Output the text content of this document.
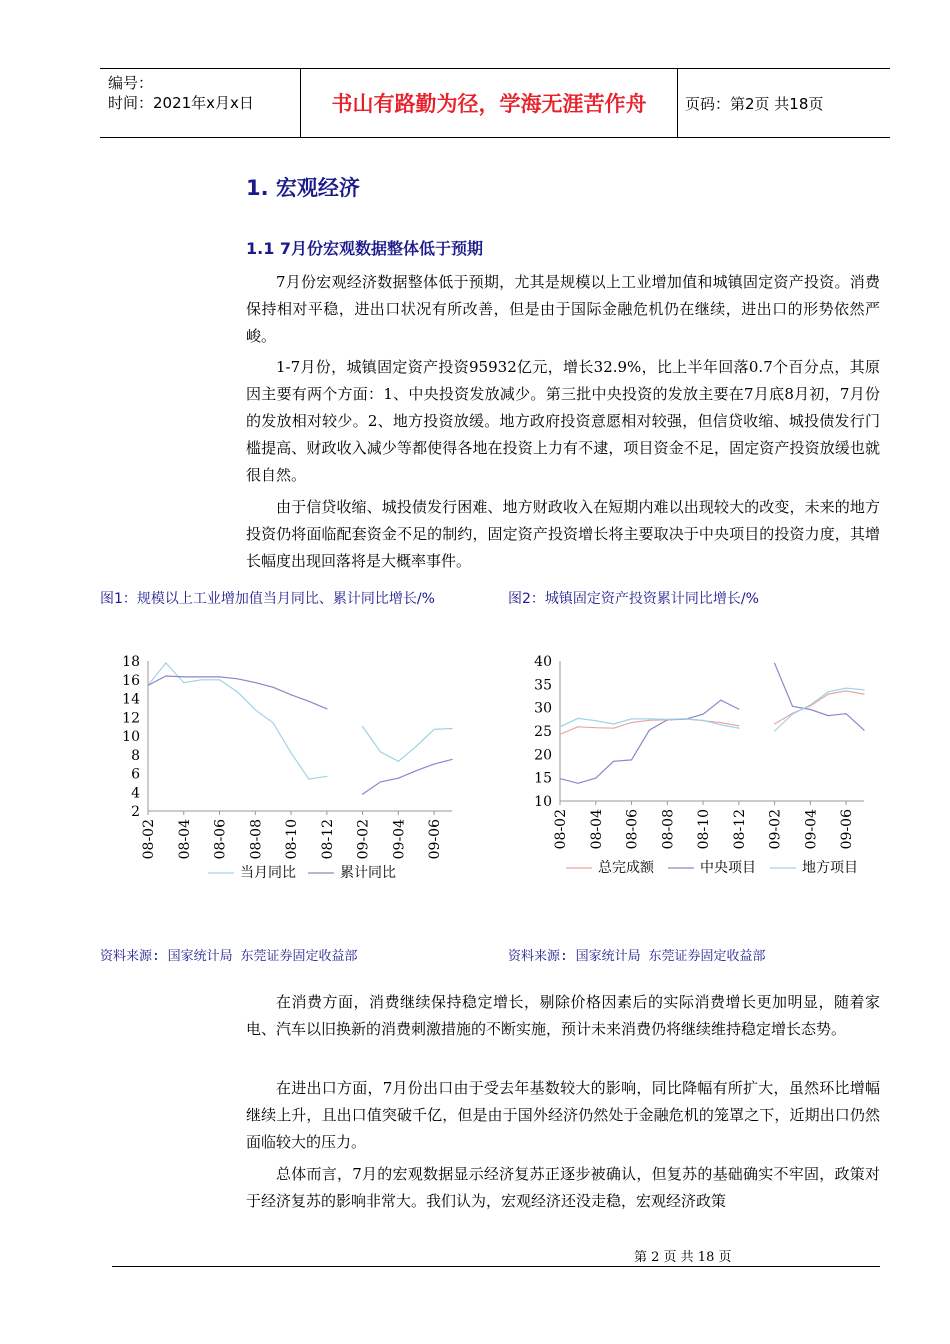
编号：
时间：2021年x月x日	书山有路勤为径，学海无涯苦作舟	页码：第2页 共18页
1. 宏观经济
1.1 7月份宏观数据整体低于预期

7月份宏观经济数据整体低于预期，尤其是规模以上工业增加值和城镇固定资产投资。消费保持相对平稳，进出口状况有所改善，但是由于国际金融危机仍在继续，进出口的形势依然严峻。

1-7月份，城镇固定资产投资95932亿元，增长32.9%，比上半年回落0.7个百分点，其原因主要有两个方面：1、中央投资发放减少。第三批中央投资的发放主要在7月底8月初，7月份的发放相对较少。2、地方投资放缓。地方政府投资意愿相对较强，但信贷收缩、城投债发行门槛提高、财政收入减少等都使得各地在投资上力有不逮，项目资金不足，固定资产投资放缓也就很自然。

由于信贷收缩、城投债发行困难、地方财政收入在短期内难以出现较大的改变，未来的地方投资仍将面临配套资金不足的制约，固定资产投资增长将主要取决于中央项目的投资力度，其增长幅度出现回落将是大概率事件。

图1：规模以上工业增加值当月同比、累计同比增长/%	图2：城镇固定资产投资累计同比增长/%
2
4
6
8
10
12
14
16
18
08-02 08-04 08-06 08-08 08-10 08-12 09-02 09-04 09-06
当月同比	累计同比
10
15
20
25
30
35
40
08-02 08-04 08-06 08-08 08-10 08-12 09-02 09-04 09-06
总完成额	中央项目	地方项目
资料来源: 国家统计局 东莞证券固定收益部	资料来源: 国家统计局 东莞证券固定收益部

在消费方面，消费继续保持稳定增长，剔除价格因素后的实际消费增长更加明显，随着家电、汽车以旧换新的消费刺激措施的不断实施，预计未来消费仍将继续维持稳定增长态势。

在进出口方面，7月份出口由于受去年基数较大的影响，同比降幅有所扩大，虽然环比增幅继续上升，且出口值突破千亿，但是由于国外经济仍然处于金融危机的笼罩之下，近期出口仍然面临较大的压力。

总体而言，7月的宏观数据显示经济复苏正逐步被确认，但复苏的基础确实不牢固，政策对于经济复苏的影响非常大。我们认为，宏观经济还没走稳，宏观经济政策

第 2 页 共 18 页
